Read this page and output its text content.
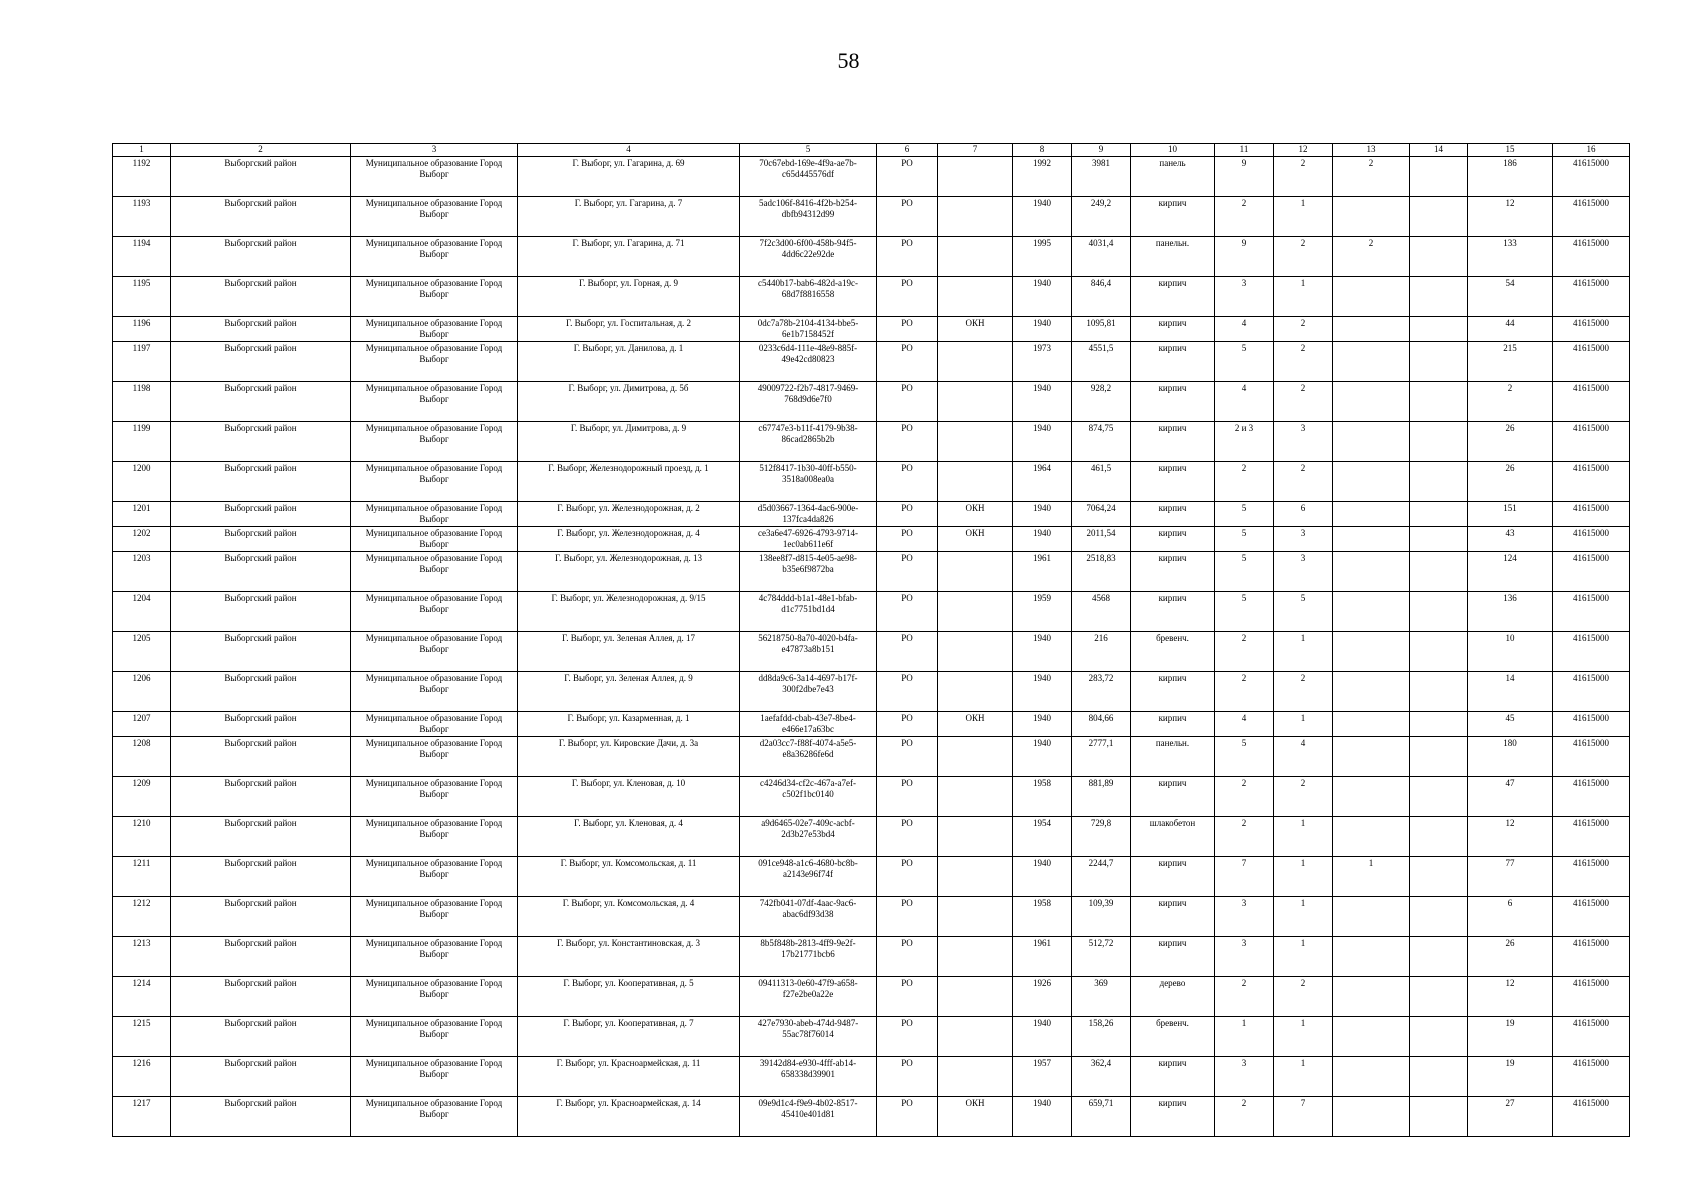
58
1	2	3	4	5	6	7	8	9	10	11	12	13	14	15	16
1192	Выборгский район	Муниципальное образование Город Выборг	Г. Выборг, ул. Гагарина, д. 69	70c67ebd-169e-4f9a-ae7b-c65d445576df	РО		1992	3981	панель	9	2	2		186	41615000
1193	Выборгский район	Муниципальное образование Город Выборг	Г. Выборг, ул. Гагарина, д. 7	5adc106f-8416-4f2b-b254-dbfb94312d99	РО		1940	249,2	кирпич	2	1			12	41615000
1194	Выборгский район	Муниципальное образование Город Выборг	Г. Выборг, ул. Гагарина, д. 71	7f2c3d00-6f00-458b-94f5-4dd6c22e92de	РО		1995	4031,4	панельн.	9	2	2		133	41615000
1195	Выборгский район	Муниципальное образование Город Выборг	Г. Выборг, ул. Горная, д. 9	c5440b17-bab6-482d-a19c-68d7f8816558	РО		1940	846,4	кирпич	3	1			54	41615000
1196	Выборгский район	Муниципальное образование Город Выборг	Г. Выборг, ул. Госпитальная, д. 2	0dc7a78b-2104-4134-bbe5-6e1b7158452f	РО	ОКН	1940	1095,81	кирпич	4	2			44	41615000
1197	Выборгский район	Муниципальное образование Город Выборг	Г. Выборг, ул. Данилова, д. 1	0233c6d4-111e-48e9-885f-49e42cd80823	РО		1973	4551,5	кирпич	5	2			215	41615000
1198	Выборгский район	Муниципальное образование Город Выборг	Г. Выборг, ул. Димитрова, д. 5б	49009722-f2b7-4817-9469-768d9d6e7f0	РО		1940	928,2	кирпич	4	2			2	41615000
1199	Выборгский район	Муниципальное образование Город Выборг	Г. Выборг, ул. Димитрова, д. 9	c67747e3-b11f-4179-9b38-86cad2865b2b	РО		1940	874,75	кирпич	2 и 3	3			26	41615000
1200	Выборгский район	Муниципальное образование Город Выборг	Г. Выборг, Железнодорожный проезд, д. 1	512f8417-1b30-40ff-b550-3518a008ea0a	РО		1964	461,5	кирпич	2	2			26	41615000
1201	Выборгский район	Муниципальное образование Город Выборг	Г. Выборг, ул. Железнодорожная, д. 2	d5d03667-1364-4ac6-900e-137fca4da826	РО	ОКН	1940	7064,24	кирпич	5	6			151	41615000
1202	Выборгский район	Муниципальное образование Город Выборг	Г. Выборг, ул. Железнодорожная, д. 4	ce3a6e47-6926-4793-9714-1ec0ab611e6f	РО	ОКН	1940	2011,54	кирпич	5	3			43	41615000
1203	Выборгский район	Муниципальное образование Город Выборг	Г. Выборг, ул. Железнодорожная, д. 13	138ee8f7-d815-4e05-ae98-b35e6f9872ba	РО		1961	2518,83	кирпич	5	3			124	41615000
1204	Выборгский район	Муниципальное образование Город Выборг	Г. Выборг, ул. Железнодорожная, д. 9/15	4c784ddd-b1a1-48e1-bfab-d1c7751bd1d4	РО		1959	4568	кирпич	5	5			136	41615000
1205	Выборгский район	Муниципальное образование Город Выборг	Г. Выборг, ул. Зеленая Аллея, д. 17	56218750-8a70-4020-b4fa-e47873a8b151	РО		1940	216	бревенч.	2	1			10	41615000
1206	Выборгский район	Муниципальное образование Город Выборг	Г. Выборг, ул. Зеленая Аллея, д. 9	dd8da9c6-3a14-4697-b17f-300f2dbe7e43	РО		1940	283,72	кирпич	2	2			14	41615000
1207	Выборгский район	Муниципальное образование Город Выборг	Г. Выборг, ул. Казарменная, д. 1	1aefafdd-cbab-43e7-8be4-e466e17a63bc	РО	ОКН	1940	804,66	кирпич	4	1			45	41615000
1208	Выборгский район	Муниципальное образование Город Выборг	Г. Выборг, ул. Кировские Дачи, д. 3а	d2a03cc7-f88f-4074-a5e5-e8a36286fe6d	РО		1940	2777,1	панельн.	5	4			180	41615000
1209	Выборгский район	Муниципальное образование Город Выборг	Г. Выборг, ул. Кленовая, д. 10	c4246d34-cf2c-467a-a7ef-c502f1bc0140	РО		1958	881,89	кирпич	2	2			47	41615000
1210	Выборгский район	Муниципальное образование Город Выборг	Г. Выборг, ул. Кленовая, д. 4	a9d6465-02e7-409c-acbf-2d3b27e53bd4	РО		1954	729,8	шлакобетон	2	1			12	41615000
1211	Выборгский район	Муниципальное образование Город Выборг	Г. Выборг, ул. Комсомольская, д. 11	091ce948-a1c6-4680-bc8b-a2143e96f74f	РО		1940	2244,7	кирпич	7	1	1		77	41615000
1212	Выборгский район	Муниципальное образование Город Выборг	Г. Выборг, ул. Комсомольская, д. 4	742fb041-07df-4aac-9ac6-abac6df93d38	РО		1958	109,39	кирпич	3	1			6	41615000
1213	Выборгский район	Муниципальное образование Город Выборг	Г. Выборг, ул. Константиновская, д. 3	8b5f848b-2813-4ff9-9e2f-17b21771bcb6	РО		1961	512,72	кирпич	3	1			26	41615000
1214	Выборгский район	Муниципальное образование Город Выборг	Г. Выборг, ул. Кооперативная, д. 5	09411313-0e60-47f9-a658-f27e2be0a22e	РО		1926	369	дерево	2	2			12	41615000
1215	Выборгский район	Муниципальное образование Город Выборг	Г. Выборг, ул. Кооперативная, д. 7	427e7930-abeb-474d-9487-55ac78f76014	РО		1940	158,26	бревенч.	1	1			19	41615000
1216	Выборгский район	Муниципальное образование Город Выборг	Г. Выборг, ул. Красноармейская, д. 11	39142d84-e930-4fff-ab14-658338d39901	РО		1957	362,4	кирпич	3	1			19	41615000
1217	Выборгский район	Муниципальное образование Город Выборг	Г. Выборг, ул. Красноармейская, д. 14	09e9d1c4-f9e9-4b02-8517-45410e401d81	РО	ОКН	1940	659,71	кирпич	2	7			27	41615000
